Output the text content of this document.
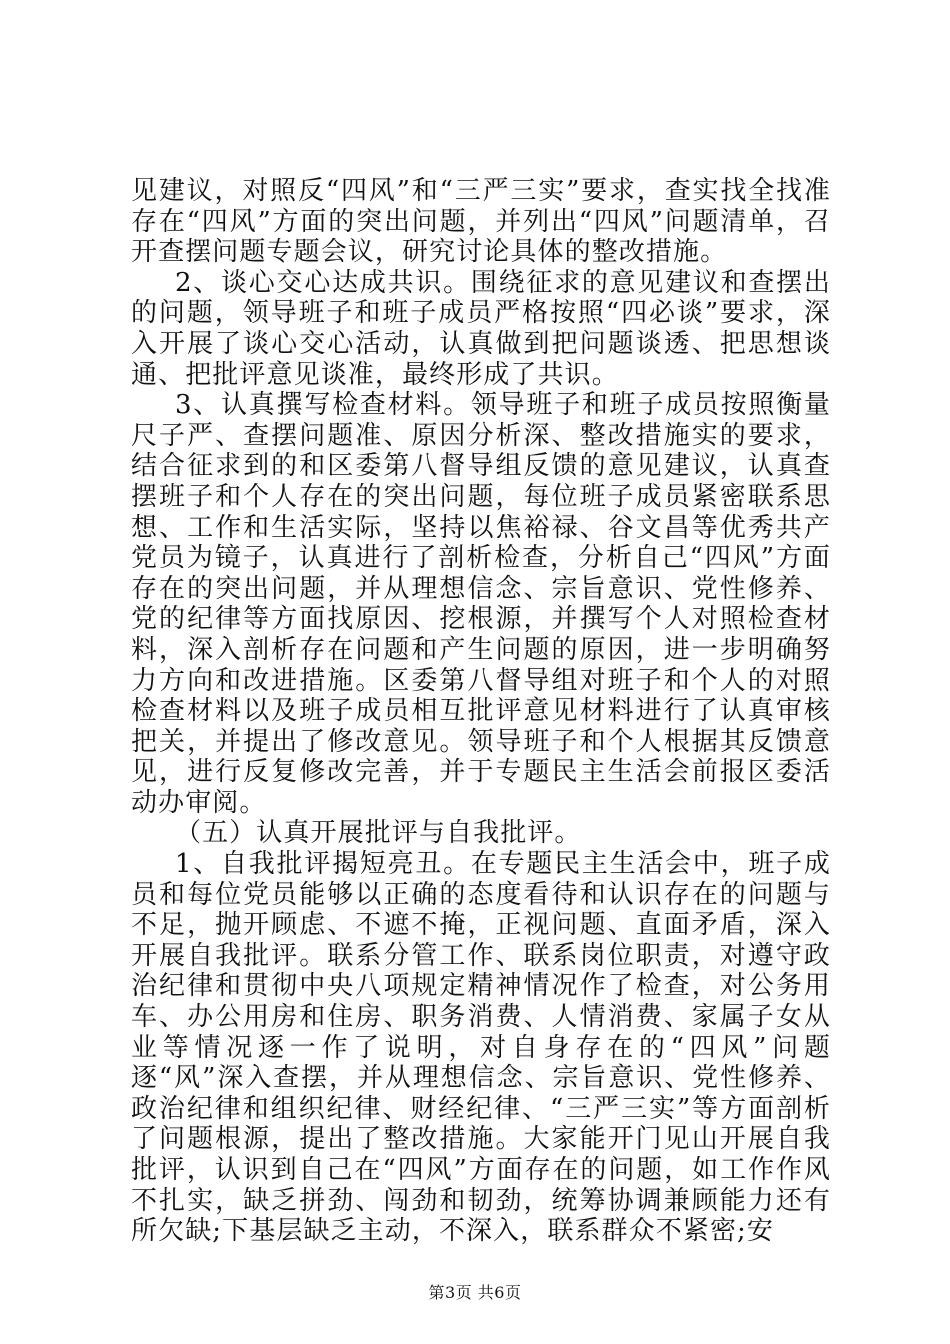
见建议，对照反“四风”和“三严三实”要求，查实找全找准存在“四风”方面的突出问题，并列出“四风”问题清单，召开查摆问题专题会议，研究讨论具体的整改措施。

2、谈心交心达成共识。围绕征求的意见建议和查摆出的问题，领导班子和班子成员严格按照“四必谈”要求，深入开展了谈心交心活动，认真做到把问题谈透、把思想谈通、把批评意见谈准，最终形成了共识。

3、认真撰写检查材料。领导班子和班子成员按照衡量尺子严、查摆问题准、原因分析深、整改措施实的要求，结合征求到的和区委第八督导组反馈的意见建议，认真查摆班子和个人存在的突出问题，每位班子成员紧密联系思想、工作和生活实际，坚持以焦裕禄、谷文昌等优秀共产党员为镜子，认真进行了剖析检查，分析自己“四风”方面存在的突出问题，并从理想信念、宗旨意识、党性修养、党的纪律等方面找原因、挖根源，并撰写个人对照检查材料，深入剖析存在问题和产生问题的原因，进一步明确努力方向和改进措施。区委第八督导组对班子和个人的对照检查材料以及班子成员相互批评意见材料进行了认真审核把关，并提出了修改意见。领导班子和个人根据其反馈意见，进行反复修改完善，并于专题民主生活会前报区委活动办审阅。

（五）认真开展批评与自我批评。

1、自我批评揭短亮丑。在专题民主生活会中，班子成员和每位党员能够以正确的态度看待和认识存在的问题与不足，抛开顾虑、不遮不掩，正视问题、直面矛盾，深入开展自我批评。联系分管工作、联系岗位职责，对遵守政治纪律和贯彻中央八项规定精神情况作了检查，对公务用车、办公用房和住房、职务消费、人情消费、家属子女从业等情况逐一作了说明，对自身存在的“四风”问题逐“风”深入查摆，并从理想信念、宗旨意识、党性修养、政治纪律和组织纪律、财经纪律、“三严三实”等方面剖析了问题根源，提出了整改措施。大家能开门见山开展自我批评，认识到自己在“四风”方面存在的问题，如工作作风不扎实，缺乏拼劲、闯劲和韧劲，统筹协调兼顾能力还有所欠缺;下基层缺乏主动，不深入，联系群众不紧密;安

第3页 共6页
